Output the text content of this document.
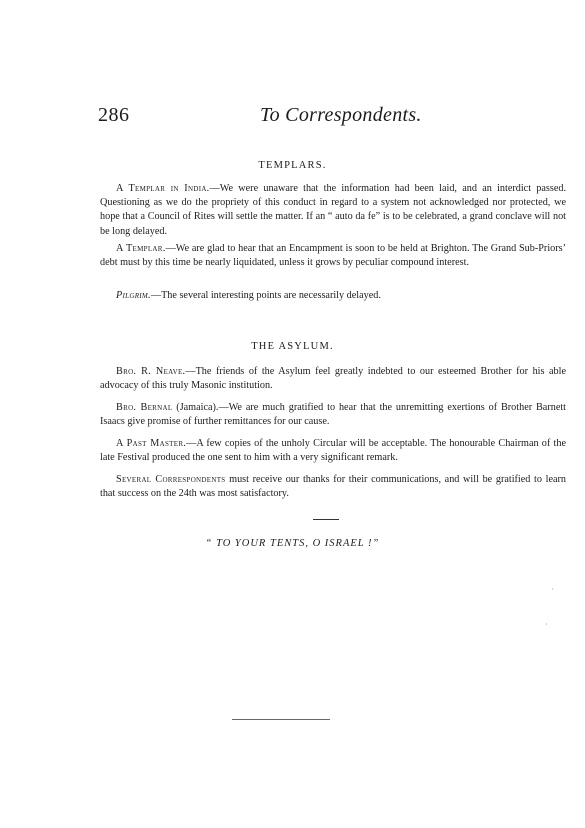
286	To Correspondents.
TEMPLARS.

A Templar in India.—We were unaware that the information had been laid, and an interdict passed. Questioning as we do the propriety of this conduct in regard to a system not acknowledged nor protected, we hope that a Council of Rites will settle the matter. If an “ auto da fe” is to be celebrated, a grand conclave will not be long delayed.

A Templar.—We are glad to hear that an Encampment is soon to be held at Brighton. The Grand Sub-Priors’ debt must by this time be nearly liquidated, unless it grows by peculiar compound interest.

Pilgrim.—The several interesting points are necessarily delayed.

THE ASYLUM.

Bro. R. Neave.—The friends of the Asylum feel greatly indebted to our esteemed Brother for his able advocacy of this truly Masonic institution.

Bro. Bernal (Jamaica).—We are much gratified to hear that the unremitting exertions of Brother Barnett Isaacs give promise of further remittances for our cause.

A Past Master.—A few copies of the unholy Circular will be acceptable. The honourable Chairman of the late Festival produced the one sent to him with a very significant remark.

Several Correspondents must receive our thanks for their communications, and will be gratified to learn that success on the 24th was most satisfactory.

“ TO YOUR TENTS, O ISRAEL !”
·
·
